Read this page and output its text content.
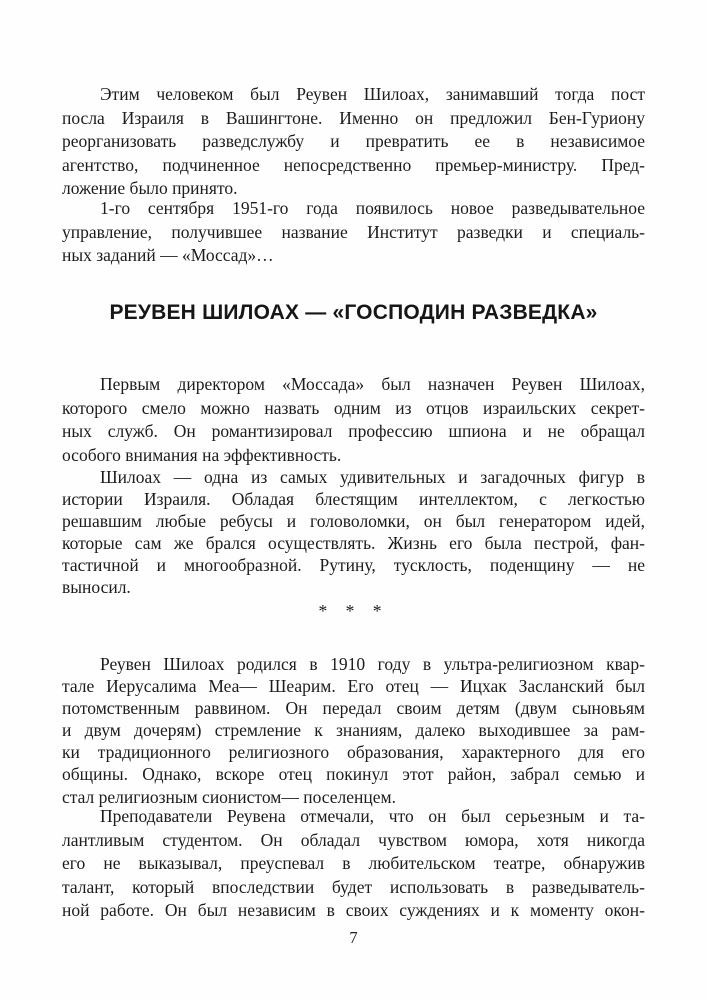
Этим человеком был Реувен Шилоах, занимавший тогда пост
посла Израиля в Вашингтоне. Именно он предложил Бен-Гуриону
реорганизовать разведслужбу и превратить ее в независимое
агентство, подчиненное непосредственно премьер-министру. Пред-
ложение было принято.
1-го сентября 1951-го года появилось новое разведывательное
управление, получившее название Институт разведки и специаль-
ных заданий — «Моссад»…
РЕУВЕН ШИЛОАХ — «ГОСПОДИН РАЗВЕДКА»
Первым директором «Моссада» был назначен Реувен Шилоах,
которого смело можно назвать одним из отцов израильских секрет-
ных служб. Он романтизировал профессию шпиона и не обращал
особого внимания на эффективность.
Шилоах — одна из самых удивительных и загадочных фигур в
истории Израиля. Обладая блестящим интеллектом, с легкостью
решавшим любые ребусы и головоломки, он был генератором идей,
которые сам же брался осуществлять. Жизнь его была пестрой, фан-
тастичной и многообразной. Рутину, тусклость, поденщину — не
выносил.
* * *
Реувен Шилоах родился в 1910 году в ультра-религиозном квар-
тале Иерусалима Меа— Шеарим. Его отец — Ицхак Засланский был
потомственным раввином. Он передал своим детям (двум сыновьям
и двум дочерям) стремление к знаниям, далеко выходившее за рам-
ки традиционного религиозного образования, характерного для его
общины. Однако, вскоре отец покинул этот район, забрал семью и
стал религиозным сионистом— поселенцем.
Преподаватели Реувена отмечали, что он был серьезным и та-
лантливым студентом. Он обладал чувством юмора, хотя никогда
его не выказывал, преуспевал в любительском театре, обнаружив
талант, который впоследствии будет использовать в разведыватель-
ной работе. Он был независим в своих суждениях и к моменту окон-
7
